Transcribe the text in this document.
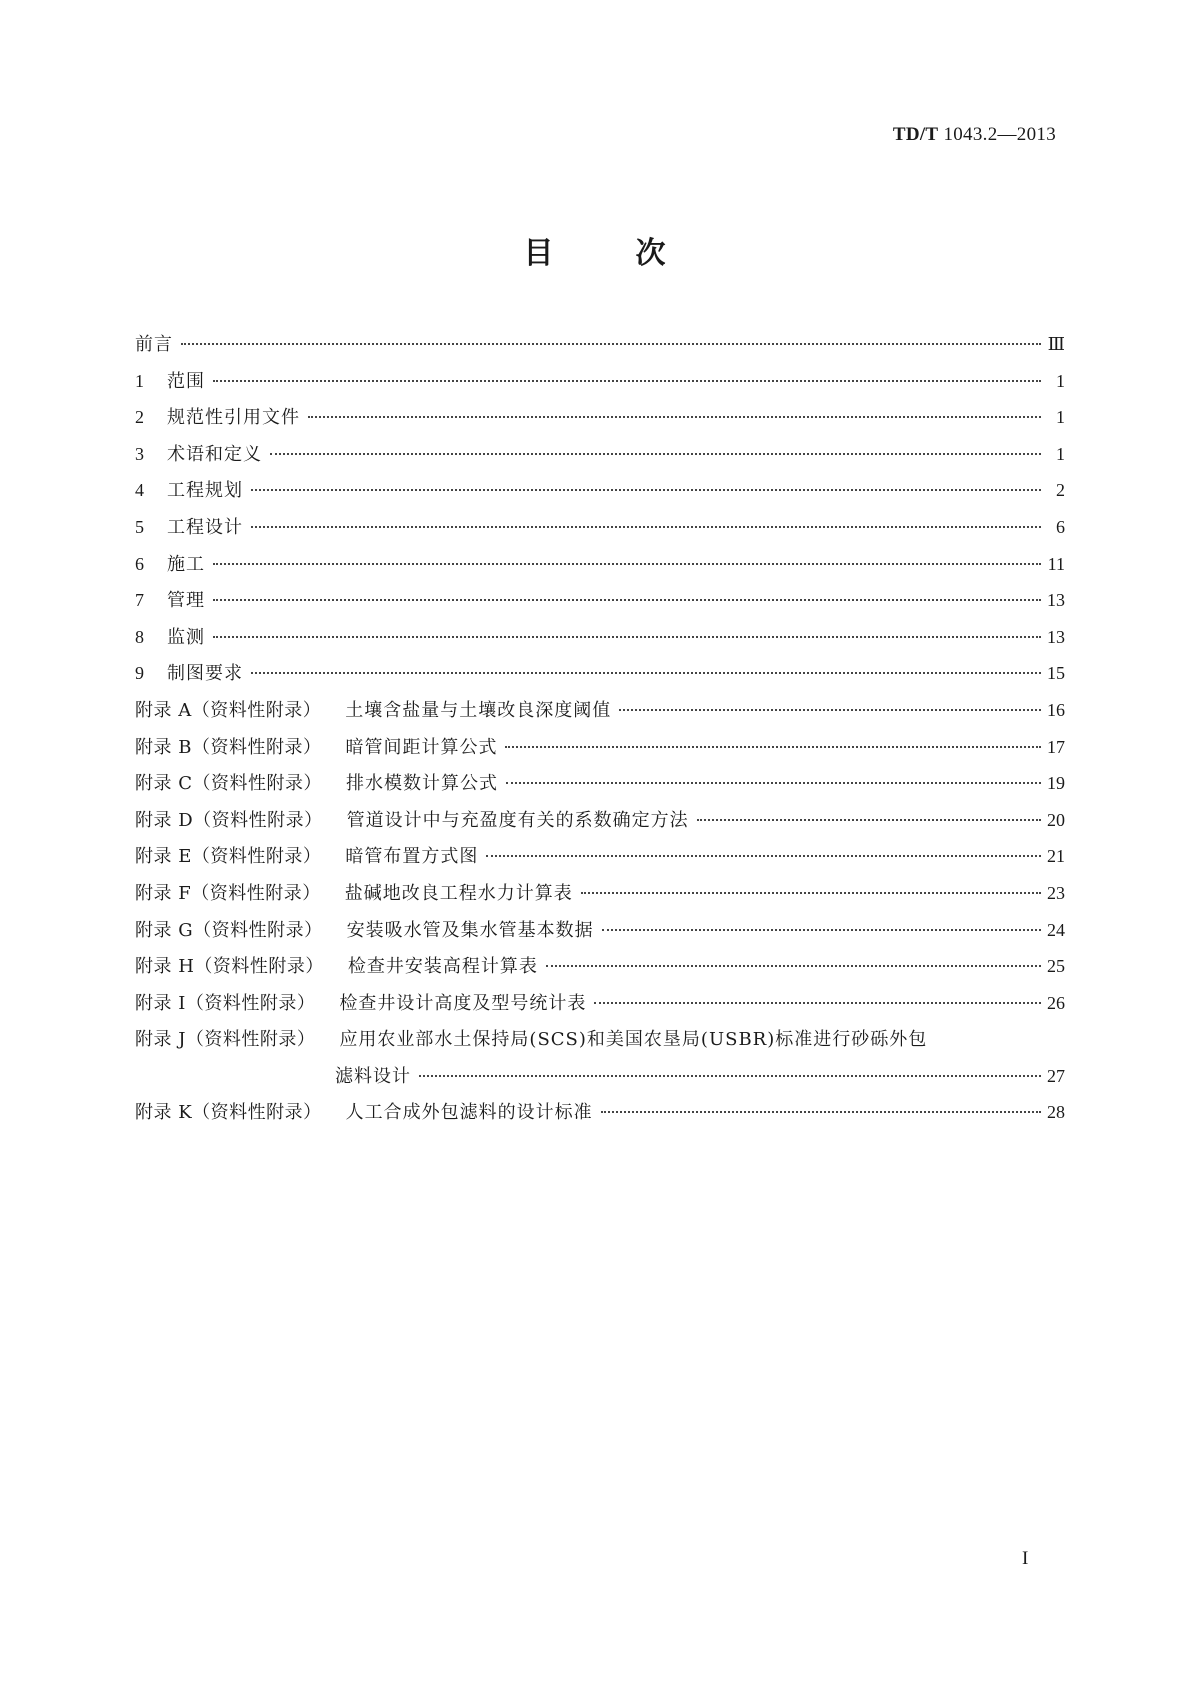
TD/T 1043.2—2013
目	次
前言	Ⅲ
1	范围	1
2	规范性引用文件	1
3	术语和定义	1
4	工程规划	2
5	工程设计	6
6	施工	11
7	管理	13
8	监测	13
9	制图要求	15
附录 A（资料性附录） 土壤含盐量与土壤改良深度阈值	16
附录 B（资料性附录） 暗管间距计算公式	17
附录 C（资料性附录） 排水模数计算公式	19
附录 D（资料性附录） 管道设计中与充盈度有关的系数确定方法	20
附录 E（资料性附录） 暗管布置方式图	21
附录 F（资料性附录） 盐碱地改良工程水力计算表	23
附录 G（资料性附录） 安装吸水管及集水管基本数据	24
附录 H（资料性附录） 检查井安装高程计算表	25
附录 I（资料性附录） 检查井设计高度及型号统计表	26
附录 J（资料性附录） 应用农业部水土保持局(SCS)和美国农垦局(USBR)标准进行砂砾外包
滤料设计	27
附录 K（资料性附录） 人工合成外包滤料的设计标准	28
I
